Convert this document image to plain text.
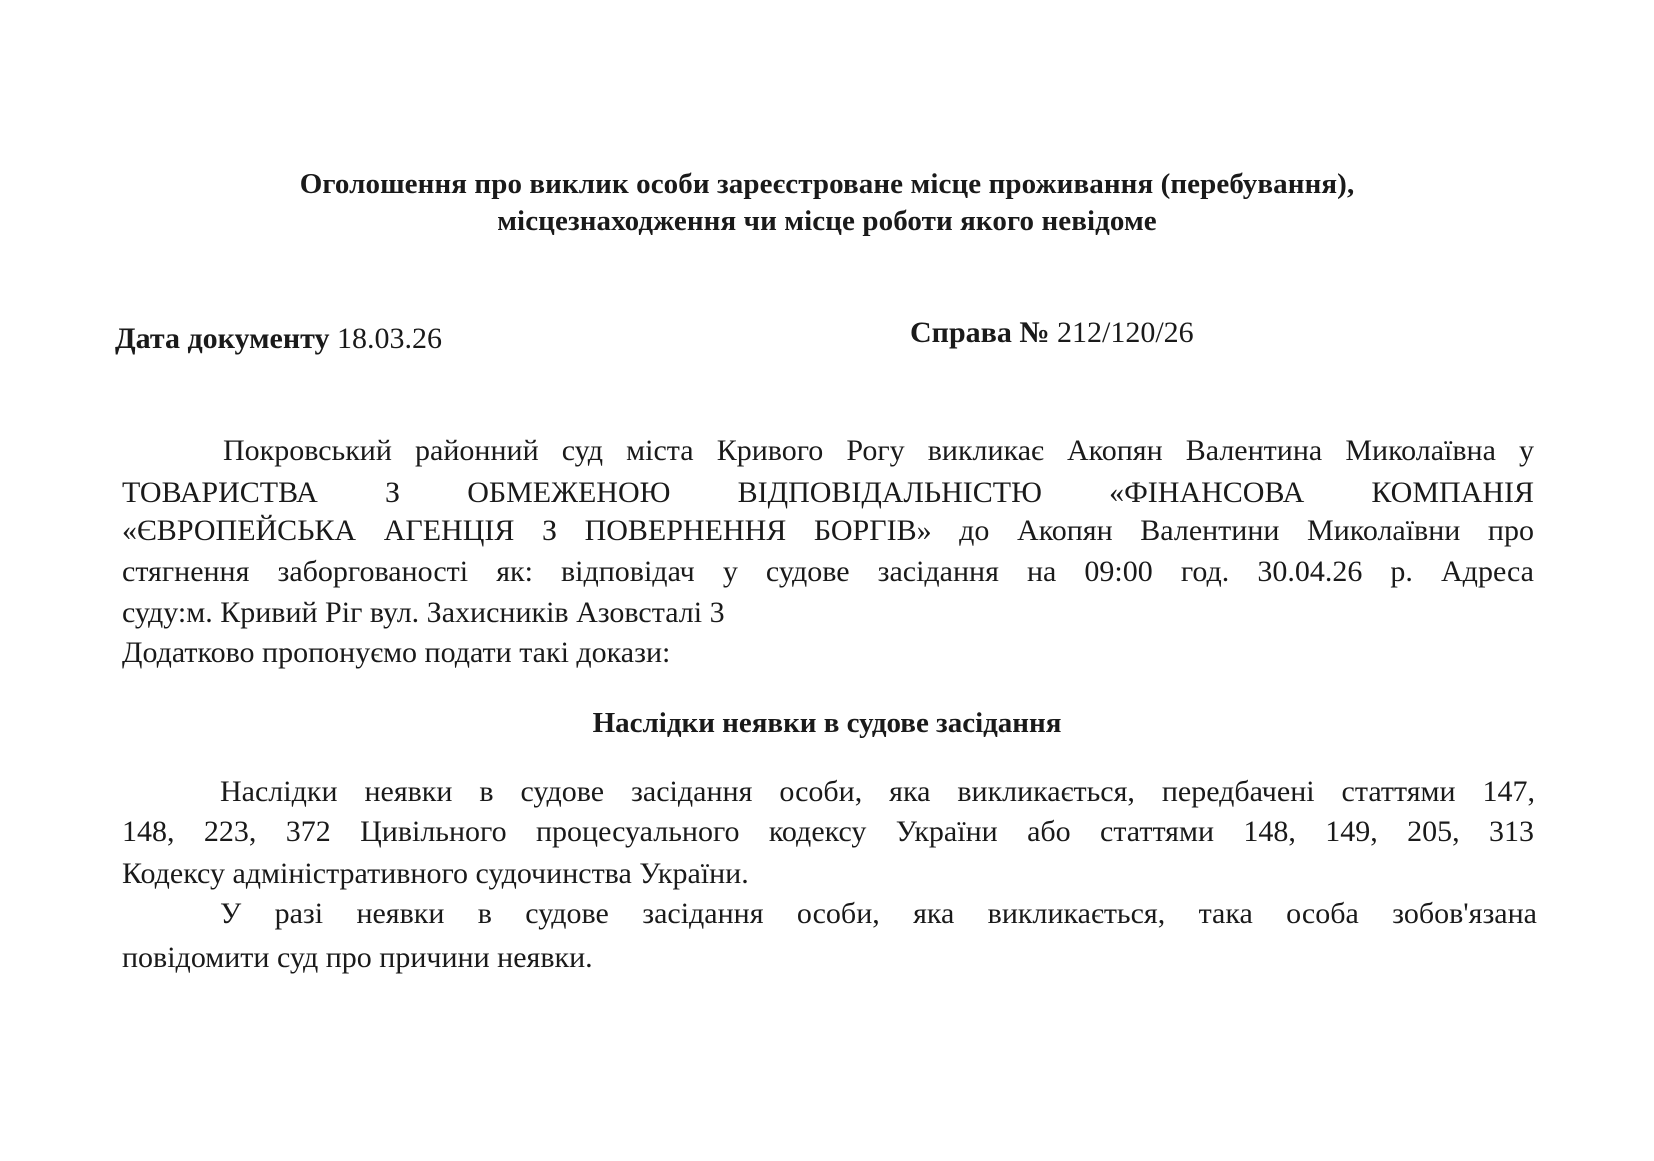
Оголошення про виклик особи зареєстроване місце проживання (перебування),
місцезнаходження чи місце роботи якого невідоме
Дата документу 18.03.26	Справа № 212/120/26
Покровський районний суд міста Кривого Рогу викликає Акопян Валентина Миколаївна у
ТОВАРИСТВА З ОБМЕЖЕНОЮ ВІДПОВІДАЛЬНІСТЮ «ФІНАНСОВА КОМПАНІЯ
«ЄВРОПЕЙСЬКА АГЕНЦІЯ З ПОВЕРНЕННЯ БОРГІВ» до Акопян Валентини Миколаївни про
стягнення заборгованості як: відповідач у судове засідання на 09:00 год. 30.04.26 р. Адреса
суду:м. Кривий Ріг вул. Захисників Азовсталі 3
Додатково пропонуємо подати такі докази:
Наслідки неявки в судове засідання
Наслідки неявки в судове засідання особи, яка викликається, передбачені статтями 147,
148, 223, 372 Цивільного процесуального кодексу України або статтями 148, 149, 205, 313
Кодексу адміністративного судочинства України.
У разі неявки в судове засідання особи, яка викликається, така особа зобов'язана
повідомити суд про причини неявки.
